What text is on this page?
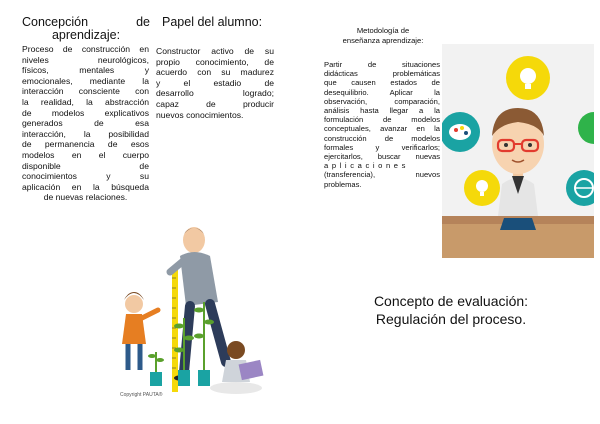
Concepción	de
aprendizaje:
Proceso de construcción en
niveles neurológicos,
físicos, mentales y
emocionales, mediante la
interacción consciente con
la realidad, la abstracción
de modelos explicativos
generados de esa
interacción, la posibilidad
de permanencia de esos
modelos en el cuerpo
disponible de
conocimientos y su
aplicación en la búsqueda
de nuevas relaciones.
Papel del alumno:
Constructor activo de su
propio conocimiento, de
acuerdo con su madurez
y el estadio de
desarrollo logrado;
capaz de producir
nuevos conocimientos.
Metodología de
enseñanza aprendizaje:
Partir de situaciones
didácticas problemáticas
que causen estados de
desequilibrio. Aplicar la
observación, comparación,
análisis hasta llegar a la
formulación de modelos
conceptuales, avanzar en la
construcción de modelos
formales y verificarlos;
ejercitarlos, buscar nuevas
aplicaciones
(transferencia), nuevos
problemas.
Concepto de evaluación:
Regulación del proceso.
Copyright PAUTA®
